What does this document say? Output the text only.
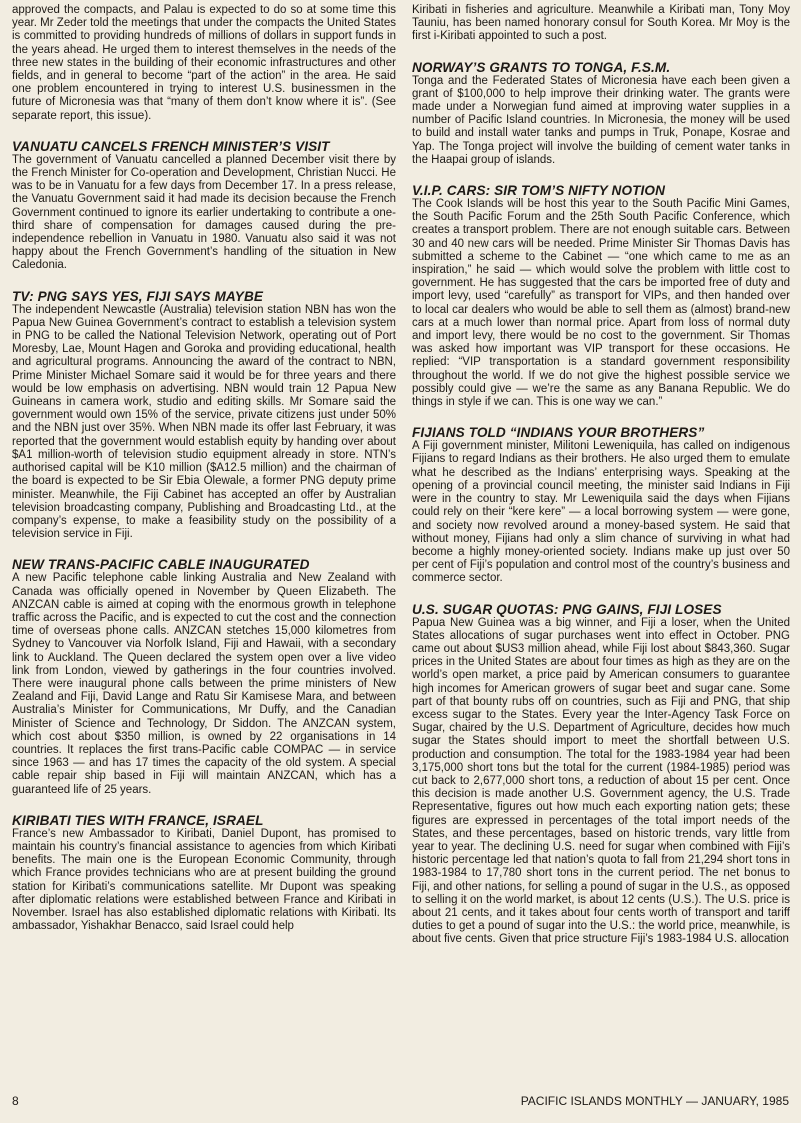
approved the compacts, and Palau is expected to do so at some time this year. Mr Zeder told the meetings that under the compacts the United States is committed to providing hundreds of millions of dollars in support funds in the years ahead. He urged them to interest themselves in the needs of the three new states in the building of their economic infrastructures and other fields, and in general to become “part of the action” in the area. He said one problem encountered in trying to interest U.S. businessmen in the future of Micronesia was that “many of them don’t know where it is”. (See separate report, this issue).

VANUATU CANCELS FRENCH MINISTER’S VISIT

The government of Vanuatu cancelled a planned December visit there by the French Minister for Co-operation and Development, Christian Nucci. He was to be in Vanuatu for a few days from December 17. In a press release, the Vanuatu Government said it had made its decision because the French Government continued to ignore its earlier undertaking to contribute a one-third share of compensation for damages caused during the pre-independence rebellion in Vanuatu in 1980. Vanuatu also said it was not happy about the French Government’s handling of the situation in New Caledonia.

TV: PNG SAYS YES, FIJI SAYS MAYBE

The independent Newcastle (Australia) television station NBN has won the Papua New Guinea Government’s contract to establish a television system in PNG to be called the National Television Network, operating out of Port Moresby, Lae, Mount Hagen and Goroka and providing educational, health and agricultural programs. Announcing the award of the contract to NBN, Prime Minister Michael Somare said it would be for three years and there would be low emphasis on advertising. NBN would train 12 Papua New Guineans in camera work, studio and editing skills. Mr Somare said the government would own 15% of the service, private citizens just under 50% and the NBN just over 35%. When NBN made its offer last February, it was reported that the government would establish equity by handing over about $A1 million-worth of television studio equipment already in store. NTN’s authorised capital will be K10 million ($A12.5 million) and the chairman of the board is expected to be Sir Ebia Olewale, a former PNG deputy prime minister. Meanwhile, the Fiji Cabinet has accepted an offer by Australian television broadcasting company, Publishing and Broadcasting Ltd., at the company’s expense, to make a feasibility study on the possibility of a television service in Fiji.

NEW TRANS-PACIFIC CABLE INAUGURATED

A new Pacific telephone cable linking Australia and New Zealand with Canada was officially opened in November by Queen Elizabeth. The ANZCAN cable is aimed at coping with the enormous growth in telephone traffic across the Pacific, and is expected to cut the cost and the connection time of overseas phone calls. ANZCAN stetches 15,000 kilometres from Sydney to Vancouver via Norfolk Island, Fiji and Hawaii, with a secondary link to Auckland. The Queen declared the system open over a live video link from London, viewed by gatherings in the four countries involved. There were inaugural phone calls between the prime ministers of New Zealand and Fiji, David Lange and Ratu Sir Kamisese Mara, and between Australia’s Minister for Communications, Mr Duffy, and the Canadian Minister of Science and Technology, Dr Siddon. The ANZCAN system, which cost about $350 million, is owned by 22 organisations in 14 countries. It replaces the first trans-Pacific cable COMPAC — in service since 1963 — and has 17 times the capacity of the old system. A special cable repair ship based in Fiji will maintain ANZCAN, which has a guaranteed life of 25 years.

KIRIBATI TIES WITH FRANCE, ISRAEL

France’s new Ambassador to Kiribati, Daniel Dupont, has promised to maintain his country’s financial assistance to agencies from which Kiribati benefits. The main one is the European Economic Community, through which France provides technicians who are at present building the ground station for Kiribati’s communications satellite. Mr Dupont was speaking after diplomatic relations were established between France and Kiribati in November. Israel has also established diplomatic relations with Kiribati. Its ambassador, Yishakhar Benacco, said Israel could help

Kiribati in fisheries and agriculture. Meanwhile a Kiribati man, Tony Moy Tauniu, has been named honorary consul for South Korea. Mr Moy is the first i-Kiribati appointed to such a post.

NORWAY’S GRANTS TO TONGA, F.S.M.

Tonga and the Federated States of Micronesia have each been given a grant of $100,000 to help improve their drinking water. The grants were made under a Norwegian fund aimed at improving water supplies in a number of Pacific Island countries. In Micronesia, the money will be used to build and install water tanks and pumps in Truk, Ponape, Kosrae and Yap. The Tonga project will involve the building of cement water tanks in the Haapai group of islands.

V.I.P. CARS: SIR TOM’S NIFTY NOTION

The Cook Islands will be host this year to the South Pacific Mini Games, the South Pacific Forum and the 25th South Pacific Conference, which creates a transport problem. There are not enough suitable cars. Between 30 and 40 new cars will be needed. Prime Minister Sir Thomas Davis has submitted a scheme to the Cabinet — “one which came to me as an inspiration,” he said — which would solve the problem with little cost to government. He has suggested that the cars be imported free of duty and import levy, used “carefully” as transport for VIPs, and then handed over to local car dealers who would be able to sell them as (almost) brand-new cars at a much lower than normal price. Apart from loss of normal duty and import levy, there would be no cost to the government. Sir Thomas was asked how important was VIP transport for these occasions. He replied: “VIP transportation is a standard government responsibility throughout the world. If we do not give the highest possible service we possibly could give — we’re the same as any Banana Republic. We do things in style if we can. This is one way we can.”

FIJIANS TOLD “INDIANS YOUR BROTHERS”

A Fiji government minister, Militoni Leweniquila, has called on indigenous Fijians to regard Indians as their brothers. He also urged them to emulate what he described as the Indians’ enterprising ways. Speaking at the opening of a provincial council meeting, the minister said Indians in Fiji were in the country to stay. Mr Leweniquila said the days when Fijians could rely on their “kere kere” — a local borrowing system — were gone, and society now revolved around a money-based system. He said that without money, Fijians had only a slim chance of surviving in what had become a highly money-oriented society. Indians make up just over 50 per cent of Fiji’s population and control most of the country’s business and commerce sector.

U.S. SUGAR QUOTAS: PNG GAINS, FIJI LOSES

Papua New Guinea was a big winner, and Fiji a loser, when the United States allocations of sugar purchases went into effect in October. PNG came out about $US3 million ahead, while Fiji lost about $843,360. Sugar prices in the United States are about four times as high as they are on the world’s open market, a price paid by American consumers to guarantee high incomes for American growers of sugar beet and sugar cane. Some part of that bounty rubs off on countries, such as Fiji and PNG, that ship excess sugar to the States. Every year the Inter-Agency Task Force on Sugar, chaired by the U.S. Department of Agriculture, decides how much sugar the States should import to meet the shortfall between U.S. production and consumption. The total for the 1983-1984 year had been 3,175,000 short tons but the total for the current (1984-1985) period was cut back to 2,677,000 short tons, a reduction of about 15 per cent. Once this decision is made another U.S. Government agency, the U.S. Trade Representative, figures out how much each exporting nation gets; these figures are expressed in percentages of the total import needs of the States, and these percentages, based on historic trends, vary little from year to year. The declining U.S. need for sugar when combined with Fiji’s historic percentage led that nation’s quota to fall from 21,294 short tons in 1983-1984 to 17,780 short tons in the current period. The net bonus to Fiji, and other nations, for selling a pound of sugar in the U.S., as opposed to selling it on the world market, is about 12 cents (U.S.). The U.S. price is about 21 cents, and it takes about four cents worth of transport and tariff duties to get a pound of sugar into the U.S.: the world price, meanwhile, is about five cents. Given that price structure Fiji’s 1983-1984 U.S. allocation

8	PACIFIC ISLANDS MONTHLY — JANUARY, 1985
